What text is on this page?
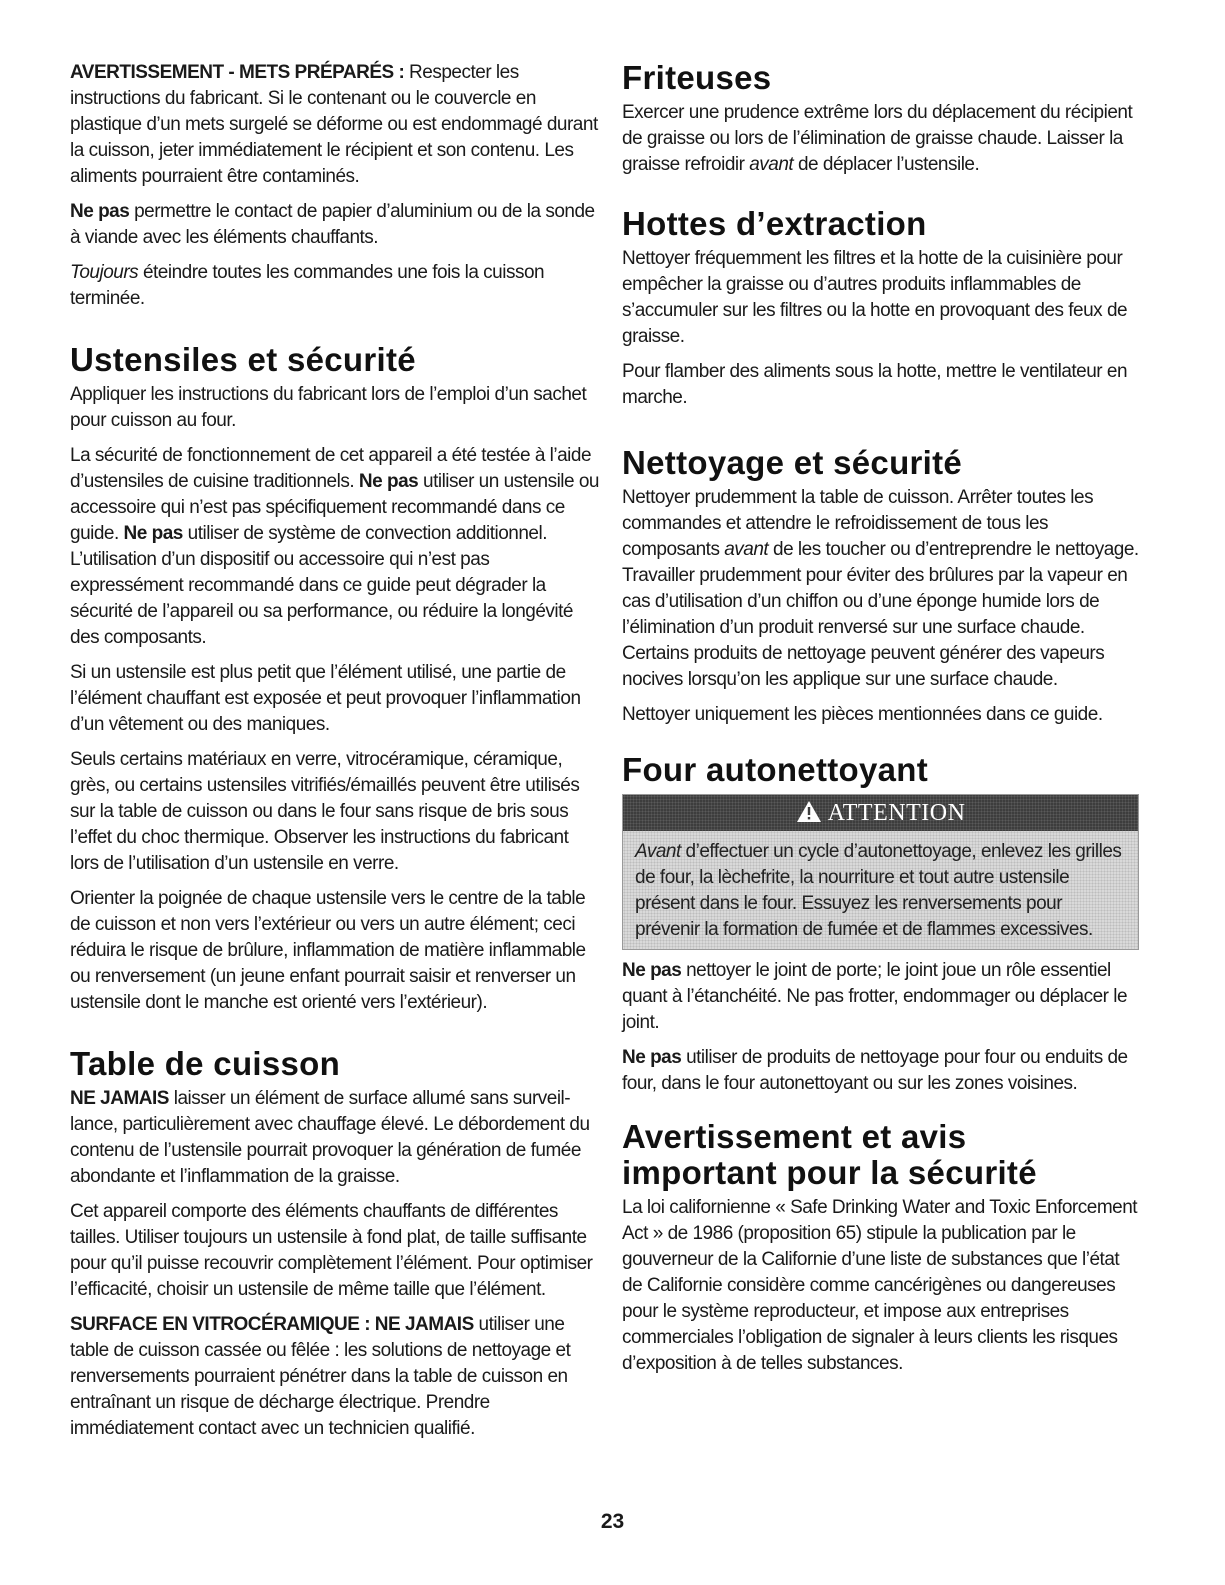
AVERTISSEMENT - METS PRÉPARÉS : Respecter les instructions du fabricant. Si le contenant ou le couvercle en plastique d’un mets surgelé se déforme ou est endommagé durant la cuisson, jeter immédiatement le récipient et son contenu. Les aliments pourraient être contaminés.

Ne pas permettre le contact de papier d’aluminium ou de la sonde à viande avec les éléments chauffants.

Toujours éteindre toutes les commandes une fois la cuisson terminée.

Ustensiles et sécurité

Appliquer les instructions du fabricant lors de l’emploi d’un sachet pour cuisson au four.

La sécurité de fonctionnement de cet appareil a été testée à l’aide d’ustensiles de cuisine traditionnels. Ne pas utiliser un ustensile ou accessoire qui n’est pas spécifiquement recommandé dans ce guide. Ne pas utiliser de système de convection additionnel. L’utilisation d’un dispositif ou accessoire qui n’est pas expressément recommandé dans ce guide peut dégrader la sécurité de l’appareil ou sa performance, ou réduire la longévité des composants.

Si un ustensile est plus petit que l’élément utilisé, une partie de l’élément chauffant est exposée et peut provoquer l’inflammation d’un vêtement ou des maniques.

Seuls certains matériaux en verre, vitrocéramique, céramique, grès, ou certains ustensiles vitrifiés/émaillés peuvent être utilisés sur la table de cuisson ou dans le four sans risque de bris sous l’effet du choc thermique. Observer les instructions du fabricant lors de l’utilisation d’un ustensile en verre.

Orienter la poignée de chaque ustensile vers le centre de la table de cuisson et non vers l’extérieur ou vers un autre élément; ceci réduira le risque de brûlure, inflammation de matière inflammable ou renversement (un jeune enfant pourrait saisir et renverser un ustensile dont le manche est orienté vers l’extérieur).

Table de cuisson

NE JAMAIS laisser un élément de surface allumé sans surveil-lance, particulièrement avec chauffage élevé. Le débordement du contenu de l’ustensile pourrait provoquer la génération de fumée abondante et l’inflammation de la graisse.

Cet appareil comporte des éléments chauffants de différentes tailles. Utiliser toujours un ustensile à fond plat, de taille suffisante pour qu’il puisse recouvrir complètement l’élément. Pour optimiser l’efficacité, choisir un ustensile de même taille que l’élément.

SURFACE EN VITROCÉRAMIQUE : NE JAMAIS utiliser une table de cuisson cassée ou fêlée : les solutions de nettoyage et renversements pourraient pénétrer dans la table de cuisson en entraînant un risque de décharge électrique. Prendre immédiatement contact avec un technicien qualifié.

Friteuses

Exercer une prudence extrême lors du déplacement du récipient de graisse ou lors de l’élimination de graisse chaude. Laisser la graisse refroidir avant de déplacer l’ustensile.

Hottes d’extraction

Nettoyer fréquemment les filtres et la hotte de la cuisinière pour empêcher la graisse ou d’autres produits inflammables de s’accumuler sur les filtres ou la hotte en provoquant des feux de graisse.

Pour flamber des aliments sous la hotte, mettre le ventilateur en marche.

Nettoyage et sécurité

Nettoyer prudemment la table de cuisson. Arrêter toutes les commandes et attendre le refroidissement de tous les composants avant de les toucher ou d’entreprendre le nettoyage. Travailler prudemment pour éviter des brûlures par la vapeur en cas d’utilisation d’un chiffon ou d’une éponge humide lors de l’élimination d’un produit renversé sur une surface chaude. Certains produits de nettoyage peuvent générer des vapeurs nocives lorsqu’on les applique sur une surface chaude.

Nettoyer uniquement les pièces mentionnées dans ce guide.

Four autonettoyant
ATTENTION

Avant d’effectuer un cycle d’autonettoyage, enlevez les grilles de four, la lèchefrite, la nourriture et tout autre ustensile présent dans le four. Essuyez les renversements pour prévenir la formation de fumée et de flammes excessives.

Ne pas nettoyer le joint de porte; le joint joue un rôle essentiel quant à l’étanchéité. Ne pas frotter, endommager ou déplacer le joint.

Ne pas utiliser de produits de nettoyage pour four ou enduits de four, dans le four autonettoyant ou sur les zones voisines.

Avertissement et avis
important pour la sécurité

La loi californienne « Safe Drinking Water and Toxic Enforcement Act » de 1986 (proposition 65) stipule la publication par le gouverneur de la Californie d’une liste de substances que l’état de Californie considère comme cancérigènes ou dangereuses pour le système reproducteur, et impose aux entreprises commerciales l’obligation de signaler à leurs clients les risques d’exposition à de telles substances.

23
